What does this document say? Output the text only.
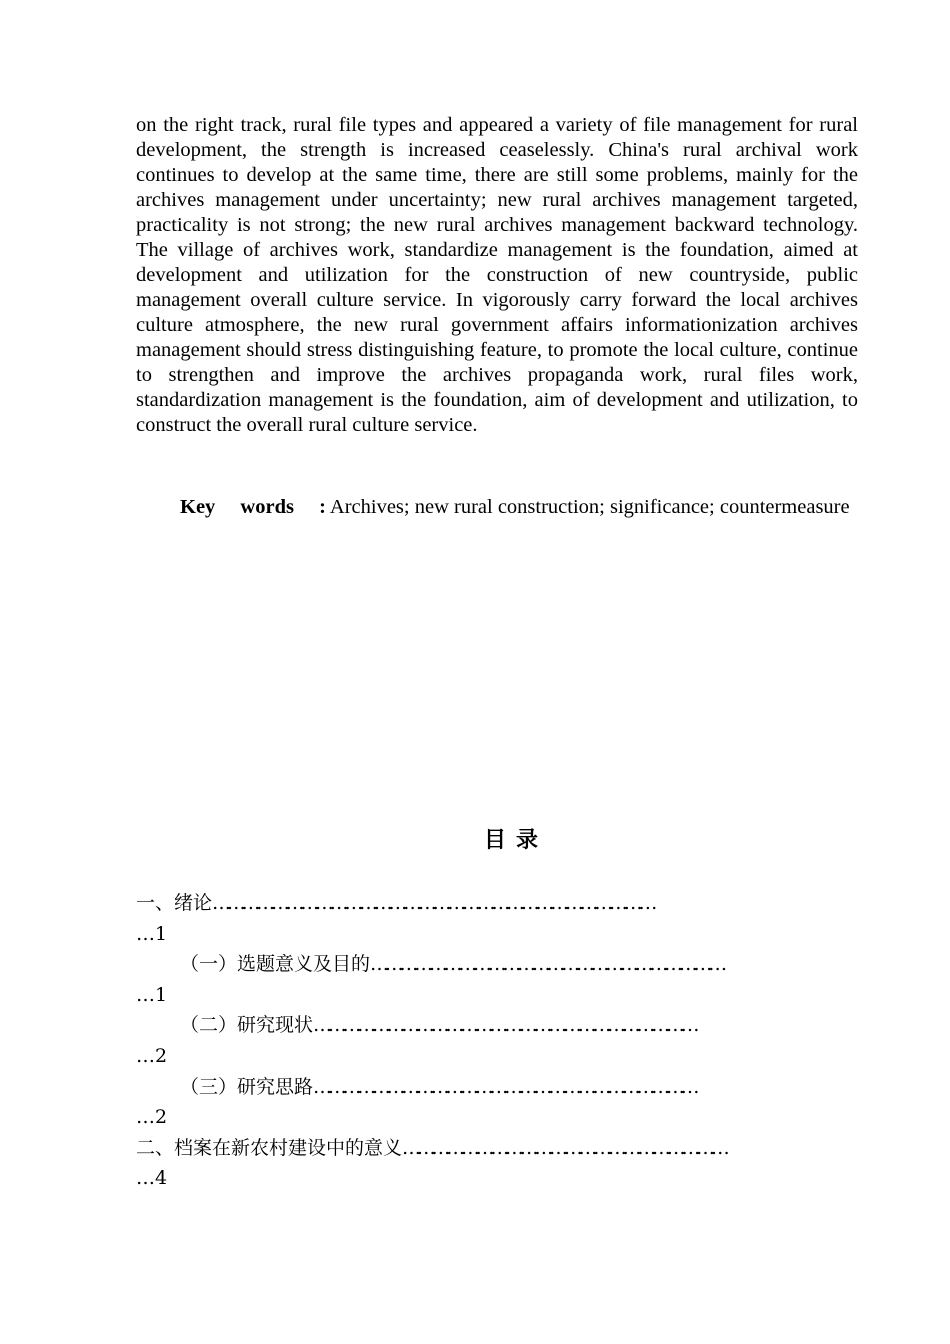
on the right track, rural file types and appeared a variety of file management for rural development, the strength is increased ceaselessly. China's rural archival work continues to develop at the same time, there are still some problems, mainly for the archives management under uncertainty; new rural archives management targeted, practicality is not strong; the new rural archives management backward technology. The village of archives work, standardize management is the foundation, aimed at development and utilization for the construction of new countryside, public management overall culture service. In vigorously carry forward the local archives culture atmosphere, the new rural government affairs informationization archives management should stress distinguishing feature, to promote the local culture, continue to strengthen and improve the archives propaganda work, rural files work, standardization management is the foundation, aim of development and utilization, to construct the overall rural culture service.

Key words : Archives; new rural construction; significance; countermeasure

目录
一、绪论………………………………………………………………………………
…1
（一）选题意义及目的………………………………………………………………
…1
（二）研究现状……………………………………………………………………
…2
（三）研究思路……………………………………………………………………
…2
二、档案在新农村建设中的意义…………………………………………………………
…4
